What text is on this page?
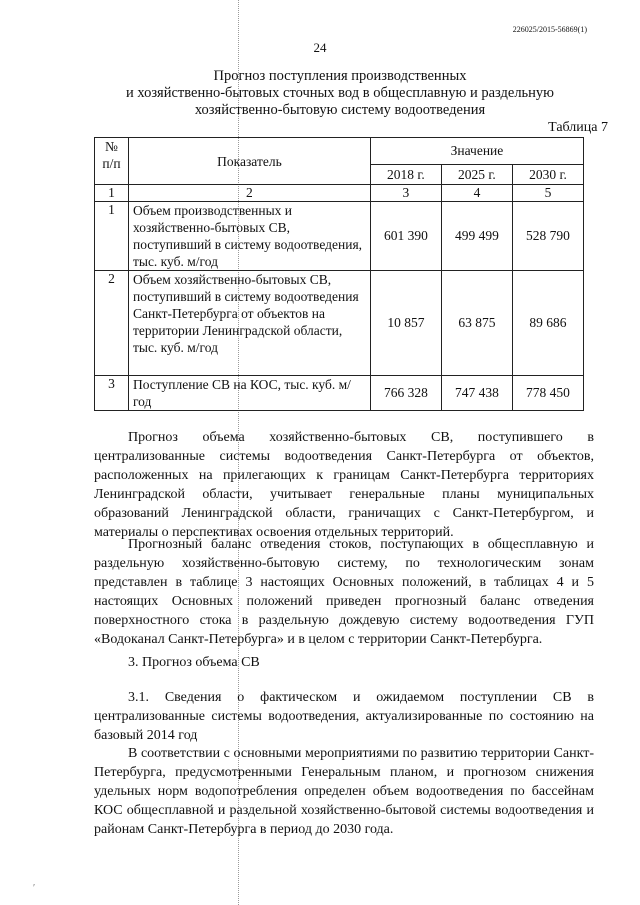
226025/2015-56869(1)
24
Прогноз поступления производственных
и хозяйственно-бытовых сточных вод в общесплавную и раздельную
хозяйственно-бытовую систему водоотведения
Таблица 7
№
п/п	Показатель	Значение		
		2018 г.	2025 г.	2030 г.
1	2	3	4	5
1	Объем производственных и хозяйственно-бытовых СВ, поступивший в систему водоотведения, тыс. куб. м/год	601 390	499 499	528 790
2	Объем хозяйственно-бытовых СВ, поступивший в систему водоотведения Санкт-Петербурга от объектов на территории Ленинградской области, тыс. куб. м/год	10 857	63 875	89 686
3	Поступление СВ на КОС, тыс. куб. м/год	766 328	747 438	778 450

Прогноз объема хозяйственно-бытовых СВ, поступившего в централизованные системы водоотведения Санкт-Петербурга от объектов, расположенных на прилегающих к границам Санкт-Петербурга территориях Ленинградской области, учитывает генеральные планы муниципальных образований Ленинградской области, граничащих с Санкт-Петербургом, и материалы о перспективах освоения отдельных территорий.

Прогнозный баланс отведения стоков, поступающих в общесплавную и раздельную хозяйственно-бытовую систему, по технологическим зонам представлен в таблице 3 настоящих Основных положений, в таблицах 4 и 5 настоящих Основных положений приведен прогнозный баланс отведения поверхностного стока в раздельную дождевую систему водоотведения ГУП «Водоканал Санкт-Петербурга» и в целом с территории Санкт-Петербурга.

3. Прогноз объема СВ

3.1. Сведения о фактическом и ожидаемом поступлении СВ в централизованные системы водоотведения, актуализированные по состоянию на базовый 2014 год

В соответствии с основными мероприятиями по развитию территории Санкт-Петербурга, предусмотренными Генеральным планом, и прогнозом снижения удельных норм водопотребления определен объем водоотведения по бассейнам КОС общесплавной и раздельной хозяйственно-бытовой системы водоотведения и районам Санкт-Петербурга в период до 2030 года.

ʹ
